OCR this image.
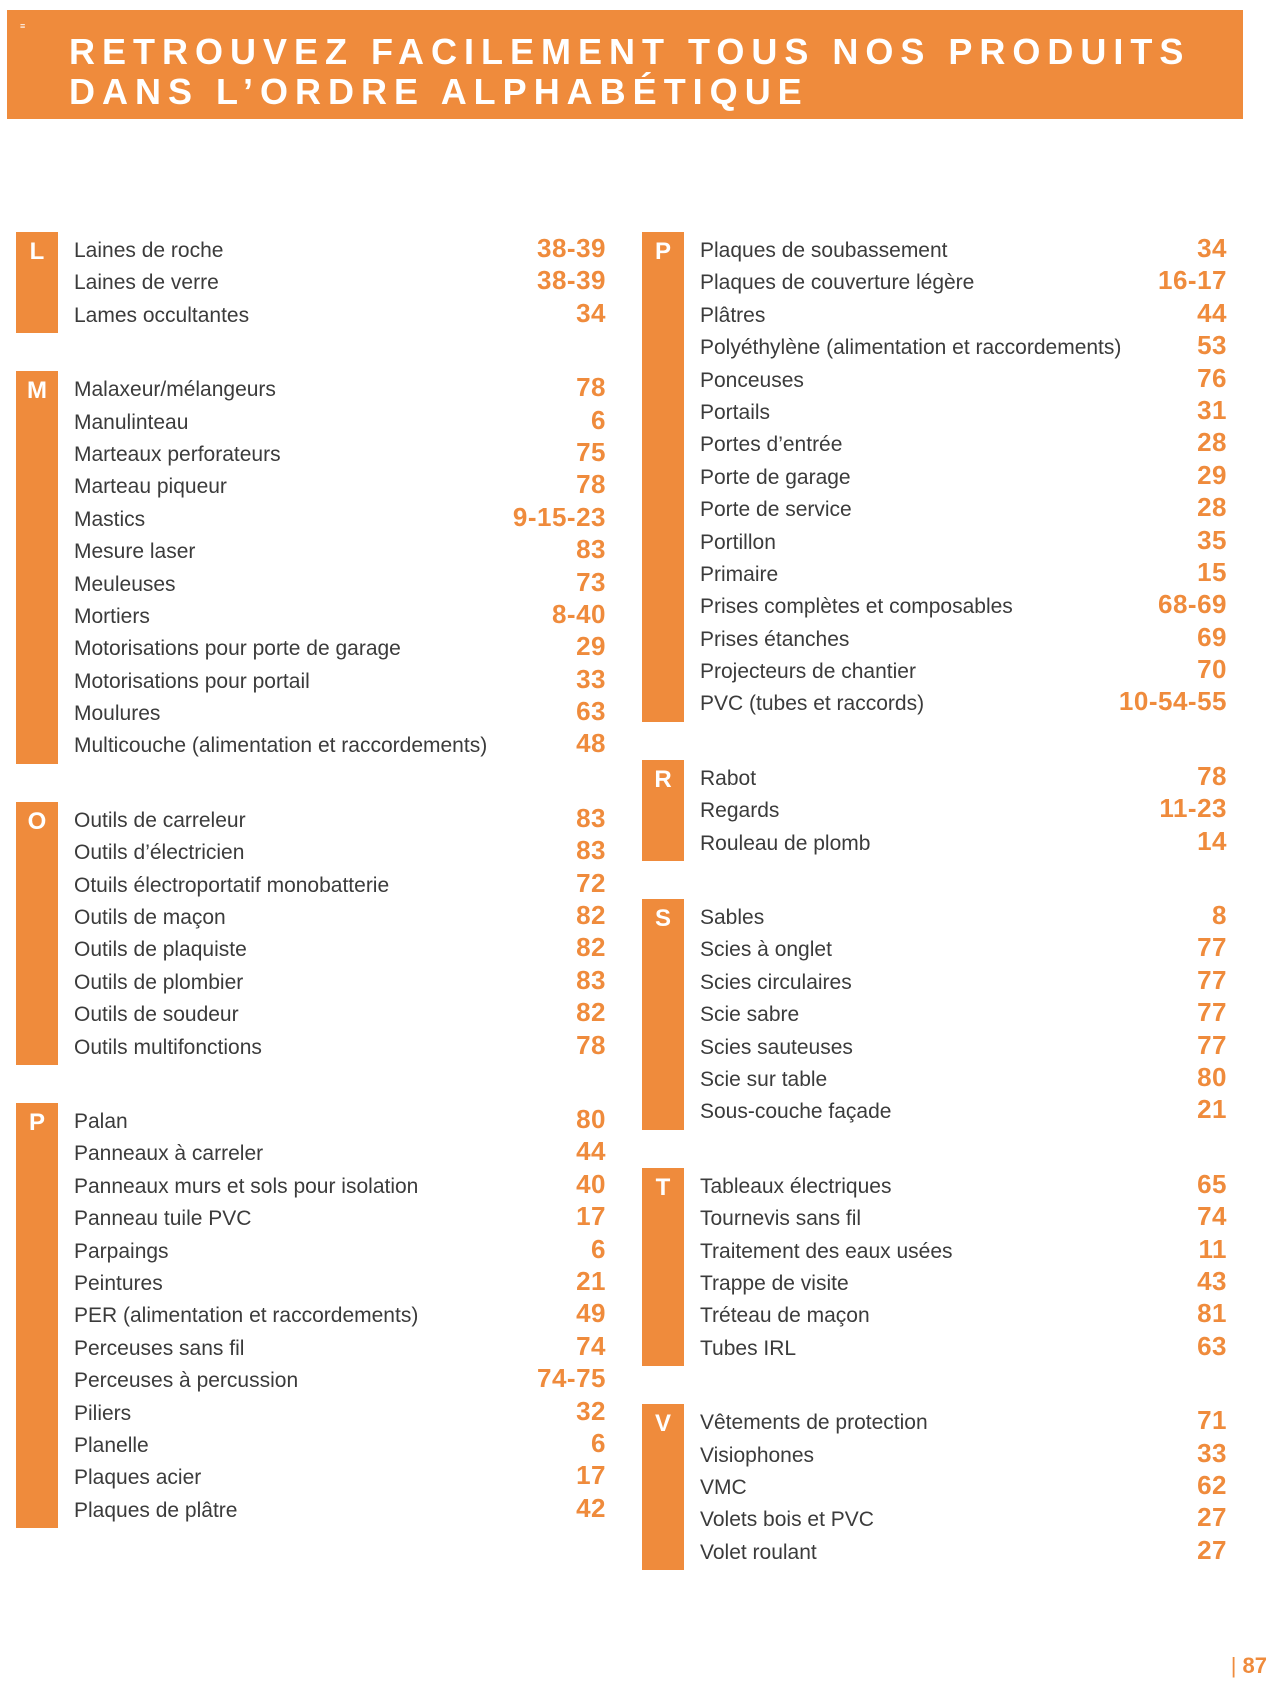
≡
RETROUVEZ FACILEMENT TOUS NOS PRODUITS
DANS L’ORDRE ALPHABÉTIQUE
L	Laines de roche	38-39
Laines de verre	38-39
Lames occultantes	34
M	Malaxeur/mélangeurs	78
Manulinteau	6
Marteaux perforateurs	75
Marteau piqueur	78
Mastics	9-15-23
Mesure laser	83
Meuleuses	73
Mortiers	8-40
Motorisations pour porte de garage	29
Motorisations pour portail	33
Moulures	63
Multicouche (alimentation et raccordements)	48
O	Outils de carreleur	83
Outils d’électricien	83
Otuils électroportatif monobatterie	72
Outils de maçon	82
Outils de plaquiste	82
Outils de plombier	83
Outils de soudeur	82
Outils multifonctions	78
P	Palan	80
Panneaux à carreler	44
Panneaux murs et sols pour isolation	40
Panneau tuile PVC	17
Parpaings	6
Peintures	21
PER (alimentation et raccordements)	49
Perceuses sans fil	74
Perceuses à percussion	74-75
Piliers	32
Planelle	6
Plaques acier	17
Plaques de plâtre	42
P	Plaques de soubassement	34
Plaques de couverture légère	16-17
Plâtres	44
Polyéthylène (alimentation et raccordements)	53
Ponceuses	76
Portails	31
Portes d’entrée	28
Porte de garage	29
Porte de service	28
Portillon	35
Primaire	15
Prises complètes et composables	68-69
Prises étanches	69
Projecteurs de chantier	70
PVC (tubes et raccords)	10-54-55
R	Rabot	78
Regards	11-23
Rouleau de plomb	14
S	Sables	8
Scies à onglet	77
Scies circulaires	77
Scie sabre	77
Scies sauteuses	77
Scie sur table	80
Sous-couche façade	21
T	Tableaux électriques	65
Tournevis sans fil	74
Traitement des eaux usées	11
Trappe de visite	43
Tréteau de maçon	81
Tubes IRL	63
V	Vêtements de protection	71
Visiophones	33
VMC	62
Volets bois et PVC	27
Volet roulant	27
| 87
